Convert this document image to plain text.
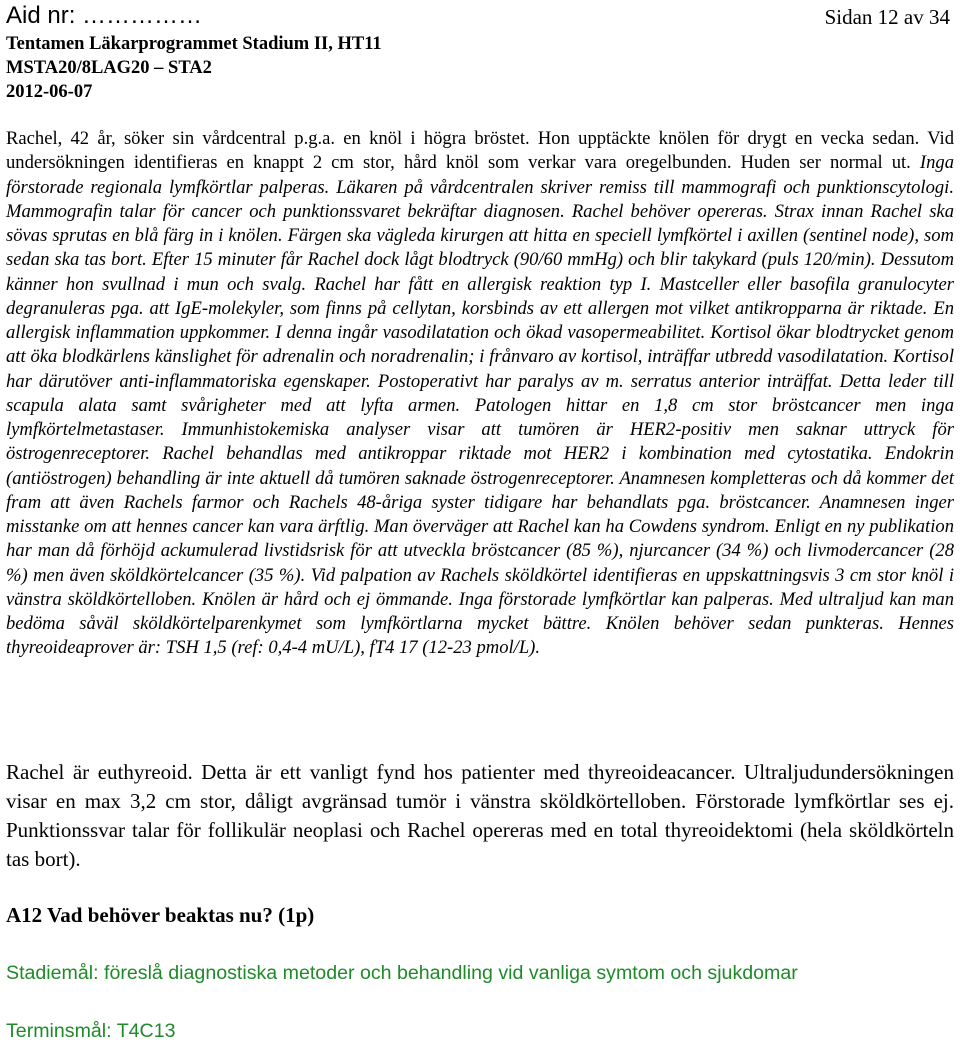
Aid nr: ……………	Sidan 12 av 34
Tentamen Läkarprogrammet Stadium II, HT11
MSTA20/8LAG20 – STA2
2012-06-07
Rachel, 42 år, söker sin vårdcentral p.g.a. en knöl i högra bröstet. Hon upptäckte knölen för drygt en vecka sedan. Vid undersökningen identifieras en knappt 2 cm stor, hård knöl som verkar vara oregelbunden. Huden ser normal ut. Inga förstorade regionala lymfkörtlar palperas. Läkaren på vårdcentralen skriver remiss till mammografi och punktionscytologi. Mammografin talar för cancer och punktionssvaret bekräftar diagnosen. Rachel behöver opereras. Strax innan Rachel ska sövas sprutas en blå färg in i knölen. Färgen ska vägleda kirurgen att hitta en speciell lymfkörtel i axillen (sentinel node), som sedan ska tas bort. Efter 15 minuter får Rachel dock lågt blodtryck (90/60 mmHg) och blir takykard (puls 120/min). Dessutom känner hon svullnad i mun och svalg. Rachel har fått en allergisk reaktion typ I. Mastceller eller basofila granulocyter degranuleras pga. att IgE-molekyler, som finns på cellytan, korsbinds av ett allergen mot vilket antikropparna är riktade. En allergisk inflammation uppkommer. I denna ingår vasodilatation och ökad vasopermeabilitet. Kortisol ökar blodtrycket genom att öka blodkärlens känslighet för adrenalin och noradrenalin; i frånvaro av kortisol, inträffar utbredd vasodilatation. Kortisol har därutöver anti-inflammatoriska egenskaper. Postoperativt har paralys av m. serratus anterior inträffat. Detta leder till scapula alata samt svårigheter med att lyfta armen. Patologen hittar en 1,8 cm stor bröstcancer men inga lymfkörtelmetastaser. Immunhistokemiska analyser visar att tumören är HER2-positiv men saknar uttryck för östrogenreceptorer. Rachel behandlas med antikroppar riktade mot HER2 i kombination med cytostatika. Endokrin (antiöstrogen) behandling är inte aktuell då tumören saknade östrogenreceptorer. Anamnesen kompletteras och då kommer det fram att även Rachels farmor och Rachels 48-åriga syster tidigare har behandlats pga. bröstcancer. Anamnesen inger misstanke om att hennes cancer kan vara ärftlig. Man överväger att Rachel kan ha Cowdens syndrom. Enligt en ny publikation har man då förhöjd ackumulerad livstidsrisk för att utveckla bröstcancer (85 %), njurcancer (34 %) och livmodercancer (28 %) men även sköldkörtelcancer (35 %). Vid palpation av Rachels sköldkörtel identifieras en uppskattningsvis 3 cm stor knöl i vänstra sköldkörtelloben. Knölen är hård och ej ömmande. Inga förstorade lymfkörtlar kan palperas. Med ultraljud kan man bedöma såväl sköldkörtelparenkymet som lymfkörtlarna mycket bättre. Knölen behöver sedan punkteras. Hennes thyreoideaprover är: TSH 1,5 (ref: 0,4-4 mU/L), fT4 17 (12-23 pmol/L).
Rachel är euthyreoid. Detta är ett vanligt fynd hos patienter med thyreoideacancer. Ultraljudundersökningen visar en max 3,2 cm stor, dåligt avgränsad tumör i vänstra sköldkörtelloben. Förstorade lymfkörtlar ses ej. Punktionssvar talar för follikulär neoplasi och Rachel opereras med en total thyreoidektomi (hela sköldkörteln tas bort).
A12 Vad behöver beaktas nu? (1p)
Stadiemål: föreslå diagnostiska metoder och behandling vid vanliga symtom och sjukdomar
Terminsmål: T4C13
